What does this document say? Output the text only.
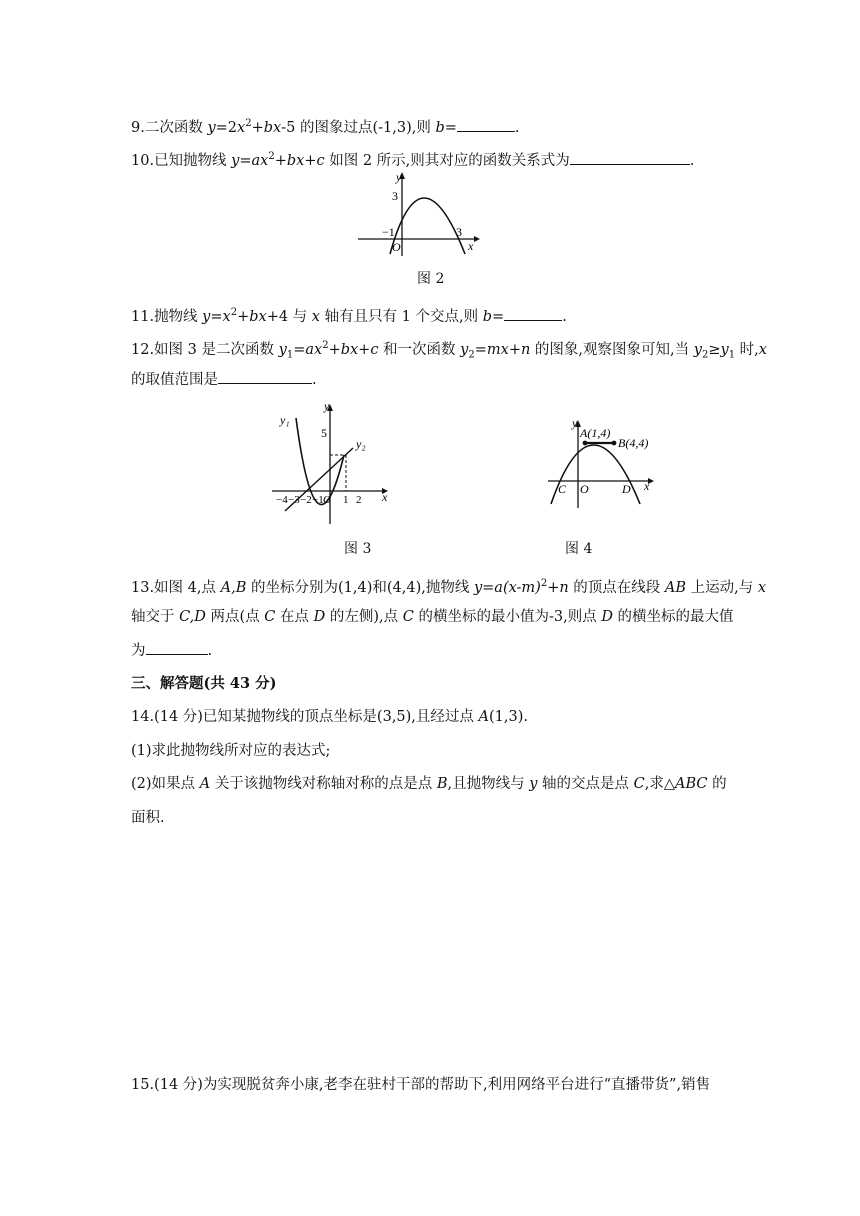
9.二次函数 $y=2x^2+bx-5$ 的图象过点(-1,3),则 b=	.
10.已知抛物线 $y=ax^2+bx+c$ 如图 2 所示,则其对应的函数关系式为	.
y
x
3
−1	3
O
图 2
11.抛物线 $y=x^2+bx+4$ 与 x 轴有且只有 1 个交点,则 b=	.
12.如图 3 是二次函数 $y_1=ax^2+bx+c$ 和一次函数 $y_2=mx+n$ 的图象,观察图象可知,当 $y_2\ge y_1$ 时,x
的取值范围是	.
y
x
y₁
y₂
5
−4 −3 −2 −1 O 1 2
图 3
y
x
A(1,4)
B(4,4)
C O	D
图 4
13.如图 4,点 A,B 的坐标分别为(1,4)和(4,4),抛物线 $y=a(x-m)^2+n$ 的顶点在线段 AB 上运动,与 x
轴交于 C,D 两点(点 C 在点 D 的左侧),点 C 的横坐标的最小值为-3,则点 D 的横坐标的最大值
为	.
三、解答题(共 43 分)
14.(14 分)已知某抛物线的顶点坐标是(3,5),且经过点 A(1,3).
(1)求此抛物线所对应的表达式;
(2)如果点 A 关于该抛物线对称轴对称的点是点 B,且抛物线与 y 轴的交点是点 C,求△ABC 的
面积.
15.(14 分)为实现脱贫奔小康,老李在驻村干部的帮助下,利用网络平台进行“直播带货”,销售
